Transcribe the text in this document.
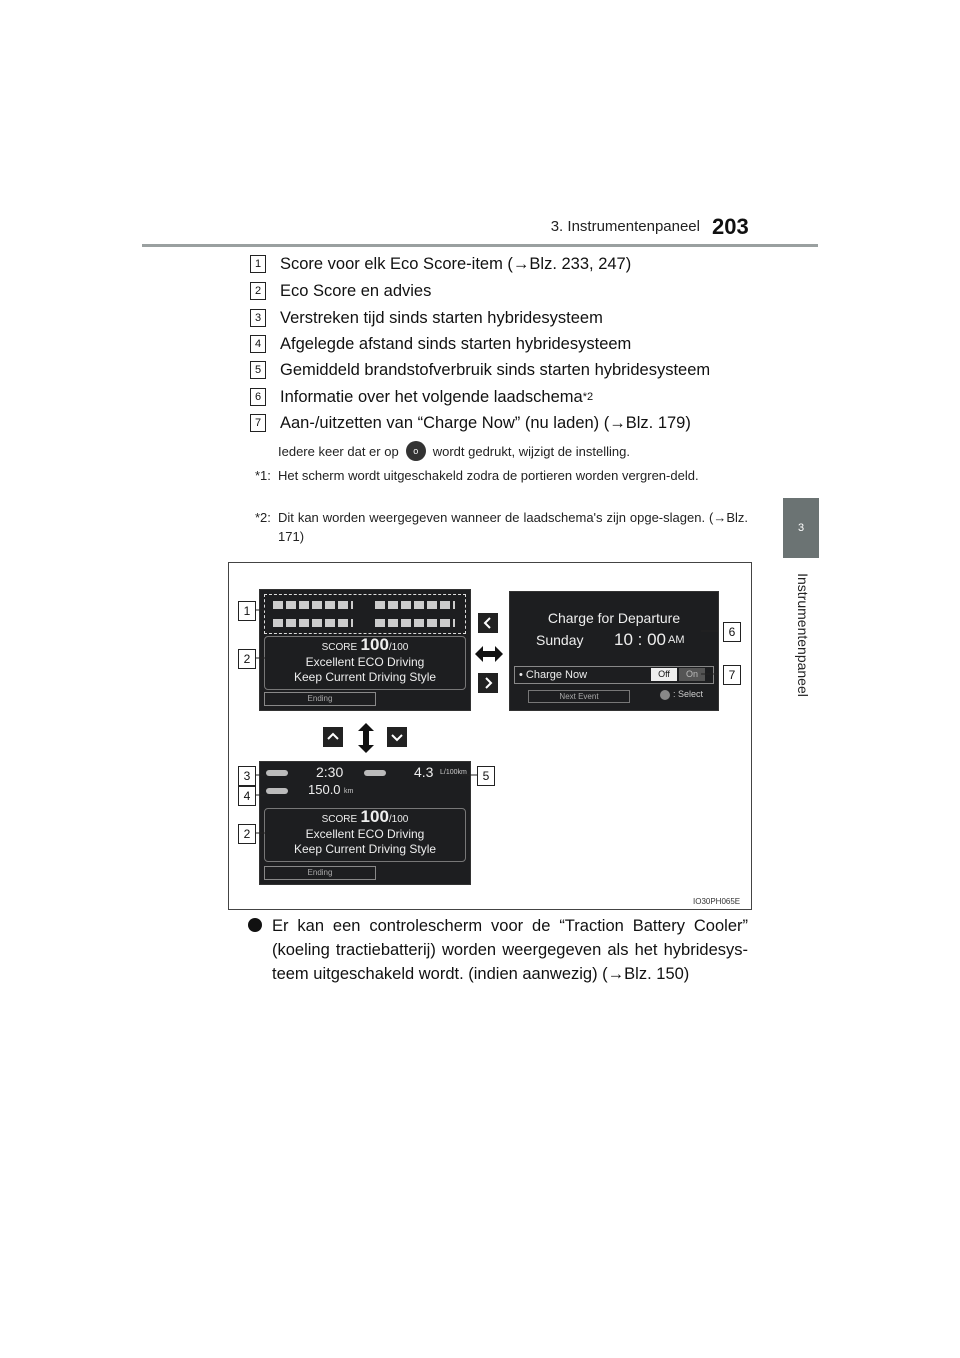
3. Instrumentenpaneel 203
3
Instrumentenpaneel
1 Score voor elk Eco Score-item (→Blz. 233, 247)
2 Eco Score en advies
3 Verstreken tijd sinds starten hybridesysteem
4 Afgelegde afstand sinds starten hybridesysteem
5 Gemiddeld brandstofverbruik sinds starten hybridesysteem
6 Informatie over het volgende laadschema *2
7 Aan-/uitzetten van “Charge Now” (nu laden) (→Blz. 179)
Iedere keer dat er op	o	wordt gedrukt, wijzigt de instelling.
*1: Het scherm wordt uitgeschakeld zodra de portieren worden vergren-deld.
*2: Dit kan worden weergegeven wanneer de laadschema's zijn opge-slagen. (→Blz. 171)
SCORE 100/100
Excellent ECO Driving
Keep Current Driving Style
Ending
Charge for Departure
Sunday 10 : 00 AM
• Charge Now	Off	On
Next Event	: Select
2:30	4.3 L/100km
150.0 km
SCORE 100/100
Excellent ECO Driving
Keep Current Driving Style
Ending
1
2
6
7
3
4
5
2
IO30PH065E
Er kan een controlescherm voor de “Traction Battery Cooler” (koeling tractiebatterij) worden weergegeven als het hybridesys-teem uitgeschakeld wordt. (indien aanwezig) (→Blz. 150)
